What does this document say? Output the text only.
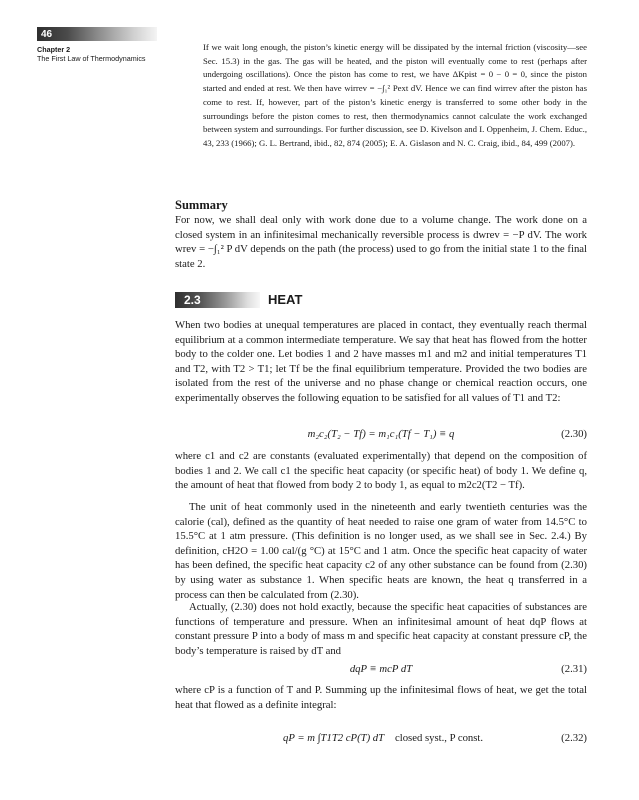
46
Chapter 2
The First Law of Thermodynamics

If we wait long enough, the piston’s kinetic energy will be dissipated by the internal friction (viscosity—see Sec. 15.3) in the gas. The gas will be heated, and the piston will eventually come to rest (perhaps after undergoing oscillations). Once the piston has come to rest, we have ΔKpist = 0 − 0 = 0, since the piston started and ended at rest. We then have wirrev = −∫₁² Pext dV. Hence we can find wirrev after the piston has come to rest. If, however, part of the piston’s kinetic energy is transferred to some other body in the surroundings before the piston comes to rest, then thermodynamics cannot calculate the work exchanged between system and surroundings. For further discussion, see D. Kivelson and I. Oppenheim, J. Chem. Educ., 43, 233 (1966); G. L. Bertrand, ibid., 82, 874 (2005); E. A. Gislason and N. C. Craig, ibid., 84, 499 (2007).

Summary

For now, we shall deal only with work done due to a volume change. The work done on a closed system in an infinitesimal mechanically reversible process is dwrev = −P dV. The work wrev = −∫₁² P dV depends on the path (the process) used to go from the initial state 1 to the final state 2.

2.3	HEAT

When two bodies at unequal temperatures are placed in contact, they eventually reach thermal equilibrium at a common intermediate temperature. We say that heat has flowed from the hotter body to the colder one. Let bodies 1 and 2 have masses m1 and m2 and initial temperatures T1 and T2, with T2 > T1; let Tf be the final equilibrium temperature. Provided the two bodies are isolated from the rest of the universe and no phase change or chemical reaction occurs, one experimentally observes the following equation to be satisfied for all values of T1 and T2:

m₂c₂(T₂ − Tf) = m₁c₁(Tf − T₁) ≡ q	(2.30)

where c1 and c2 are constants (evaluated experimentally) that depend on the composition of bodies 1 and 2. We call c1 the specific heat capacity (or specific heat) of body 1. We define q, the amount of heat that flowed from body 2 to body 1, as equal to m2c2(T2 − Tf).

The unit of heat commonly used in the nineteenth and early twentieth centuries was the calorie (cal), defined as the quantity of heat needed to raise one gram of water from 14.5°C to 15.5°C at 1 atm pressure. (This definition is no longer used, as we shall see in Sec. 2.4.) By definition, cH2O = 1.00 cal/(g °C) at 15°C and 1 atm. Once the specific heat capacity of water has been defined, the specific heat capacity c2 of any other substance can be found from (2.30) by using water as substance 1. When specific heats are known, the heat q transferred in a process can then be calculated from (2.30).

Actually, (2.30) does not hold exactly, because the specific heat capacities of substances are functions of temperature and pressure. When an infinitesimal amount of heat dqP flows at constant pressure P into a body of mass m and specific heat capacity at constant pressure cP, the body’s temperature is raised by dT and

dqP ≡ mcP dT	(2.31)

where cP is a function of T and P. Summing up the infinitesimal flows of heat, we get the total heat that flowed as a definite integral:

qP = m ∫T1T2 cP(T) dT closed syst., P const.	(2.32)
